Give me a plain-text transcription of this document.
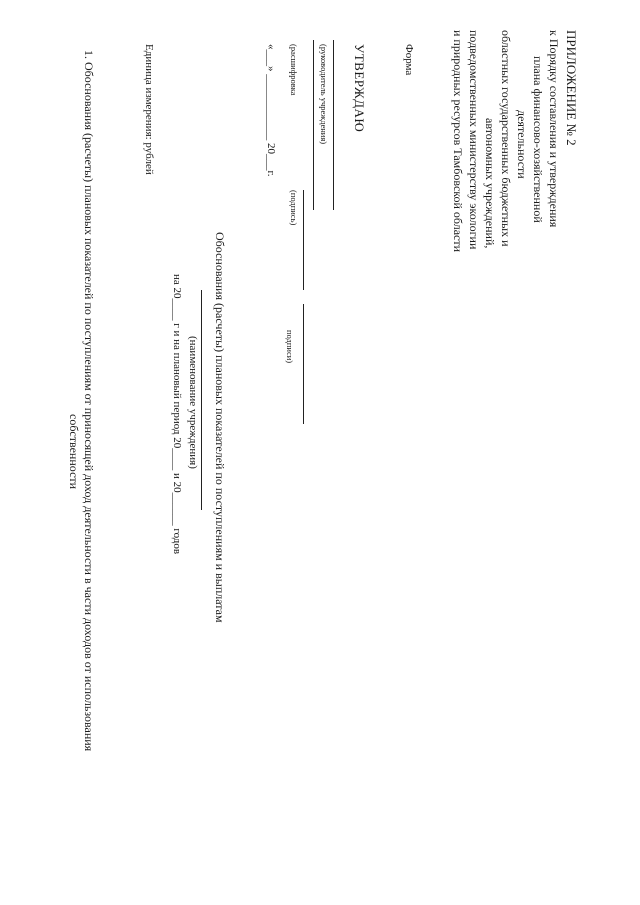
ПРИЛОЖЕНИЕ № 2
к Порядку составления и утверждения
плана финансово-хозяйственной
деятельности
областных государственных бюджетных и
автономных учреждений,
подведомственных министерству экологии
и природных ресурсов Тамбовской области
Форма
УТВЕРЖДАЮ
(руководитель учреждения)
(расшифровка
«___» ____________ 20___г.
(подпись)
подписи)
Обоснования (расчеты) плановых показателей по поступлениям и выплатам
(наименование учреждения)
на 20____ г и на плановый период 20____ и 20______ годов
Единица измерения: рублей
1. Обоснования (расчеты) плановых показателей по поступлениям от приносящей доход деятельности в части доходов от использования
собственности
